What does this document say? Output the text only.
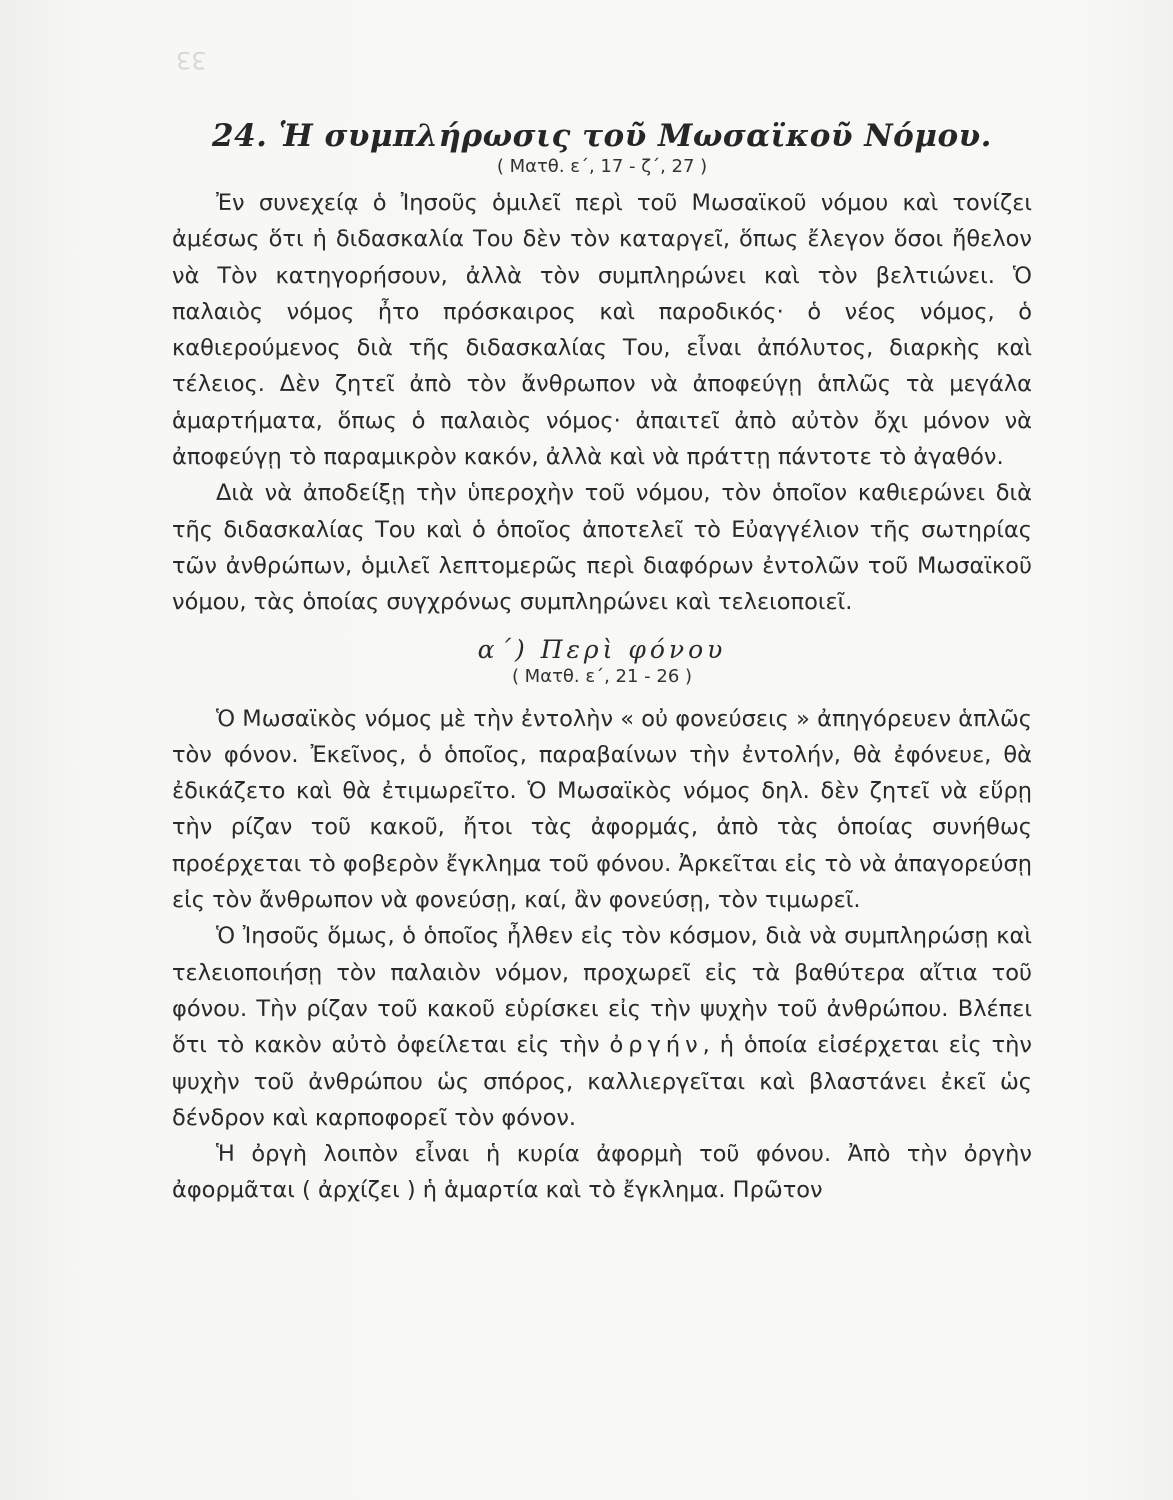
33
24. Ἡ συμπλήρωσις τοῦ Μωσαϊκοῦ Νόμου.
( Ματθ. ε΄, 17 - ζ΄, 27 )

Ἐν συνεχείᾳ ὁ Ἰησοῦς ὁμιλεῖ περὶ τοῦ Μωσαϊκοῦ νόμου καὶ τονίζει ἀμέσως ὅτι ἡ διδασκαλία Του δὲν τὸν καταργεῖ, ὅπως ἔλεγον ὅσοι ἤθελον νὰ Τὸν κατηγορήσουν, ἀλλὰ τὸν συμπληρώνει καὶ τὸν βελτιώνει. Ὁ παλαιὸς νόμος ἦτο πρόσκαιρος καὶ παροδικός· ὁ νέος νόμος, ὁ καθιερούμενος διὰ τῆς διδασκαλίας Του, εἶναι ἀπόλυτος, διαρκὴς καὶ τέλειος. Δὲν ζητεῖ ἀπὸ τὸν ἄνθρωπον νὰ ἀποφεύγῃ ἁπλῶς τὰ μεγάλα ἁμαρτήματα, ὅπως ὁ παλαιὸς νόμος· ἀπαιτεῖ ἀπὸ αὐτὸν ὄχι μόνον νὰ ἀποφεύγῃ τὸ παραμικρὸν κακόν, ἀλλὰ καὶ νὰ πράττῃ πάντοτε τὸ ἀγαθόν.

Διὰ νὰ ἀποδείξῃ τὴν ὑπεροχὴν τοῦ νόμου, τὸν ὁποῖον καθιερώνει διὰ τῆς διδασκαλίας Του καὶ ὁ ὁποῖος ἀποτελεῖ τὸ Εὐαγγέλιον τῆς σωτηρίας τῶν ἀνθρώπων, ὁμιλεῖ λεπτομερῶς περὶ διαφόρων ἐντολῶν τοῦ Μωσαϊκοῦ νόμου, τὰς ὁποίας συγχρόνως συμπληρώνει καὶ τελειοποιεῖ.

α΄) Περὶ φόνου
( Ματθ. ε΄, 21 - 26 )

Ὁ Μωσαϊκὸς νόμος μὲ τὴν ἐντολὴν « οὐ φονεύσεις » ἀπηγόρευεν ἁπλῶς τὸν φόνον. Ἐκεῖνος, ὁ ὁποῖος, παραβαίνων τὴν ἐντολήν, θὰ ἐφόνευε, θὰ ἐδικάζετο καὶ θὰ ἐτιμωρεῖτο. Ὁ Μωσαϊκὸς νόμος δηλ. δὲν ζητεῖ νὰ εὕρῃ τὴν ρίζαν τοῦ κακοῦ, ἤτοι τὰς ἀφορμάς, ἀπὸ τὰς ὁποίας συνήθως προέρχεται τὸ φοβερὸν ἔγκλημα τοῦ φόνου. Ἀρκεῖται εἰς τὸ νὰ ἀπαγορεύσῃ εἰς τὸν ἄνθρωπον νὰ φονεύσῃ, καί, ἂν φονεύσῃ, τὸν τιμωρεῖ.

Ὁ Ἰησοῦς ὅμως, ὁ ὁποῖος ἦλθεν εἰς τὸν κόσμον, διὰ νὰ συμπληρώσῃ καὶ τελειοποιήσῃ τὸν παλαιὸν νόμον, προχωρεῖ εἰς τὰ βαθύτερα αἴτια τοῦ φόνου. Τὴν ρίζαν τοῦ κακοῦ εὑρίσκει εἰς τὴν ψυχὴν τοῦ ἀνθρώπου. Βλέπει ὅτι τὸ κακὸν αὐτὸ ὀφείλεται εἰς τὴν ὀργήν, ἡ ὁποία εἰσέρχεται εἰς τὴν ψυχὴν τοῦ ἀνθρώπου ὡς σπόρος, καλλιεργεῖται καὶ βλαστάνει ἐκεῖ ὡς δένδρον καὶ καρποφορεῖ τὸν φόνον.

Ἡ ὀργὴ λοιπὸν εἶναι ἡ κυρία ἀφορμὴ τοῦ φόνου. Ἀπὸ τὴν ὀργὴν ἀφορμᾶται ( ἀρχίζει ) ἡ ἁμαρτία καὶ τὸ ἔγκλημα. Πρῶτον
